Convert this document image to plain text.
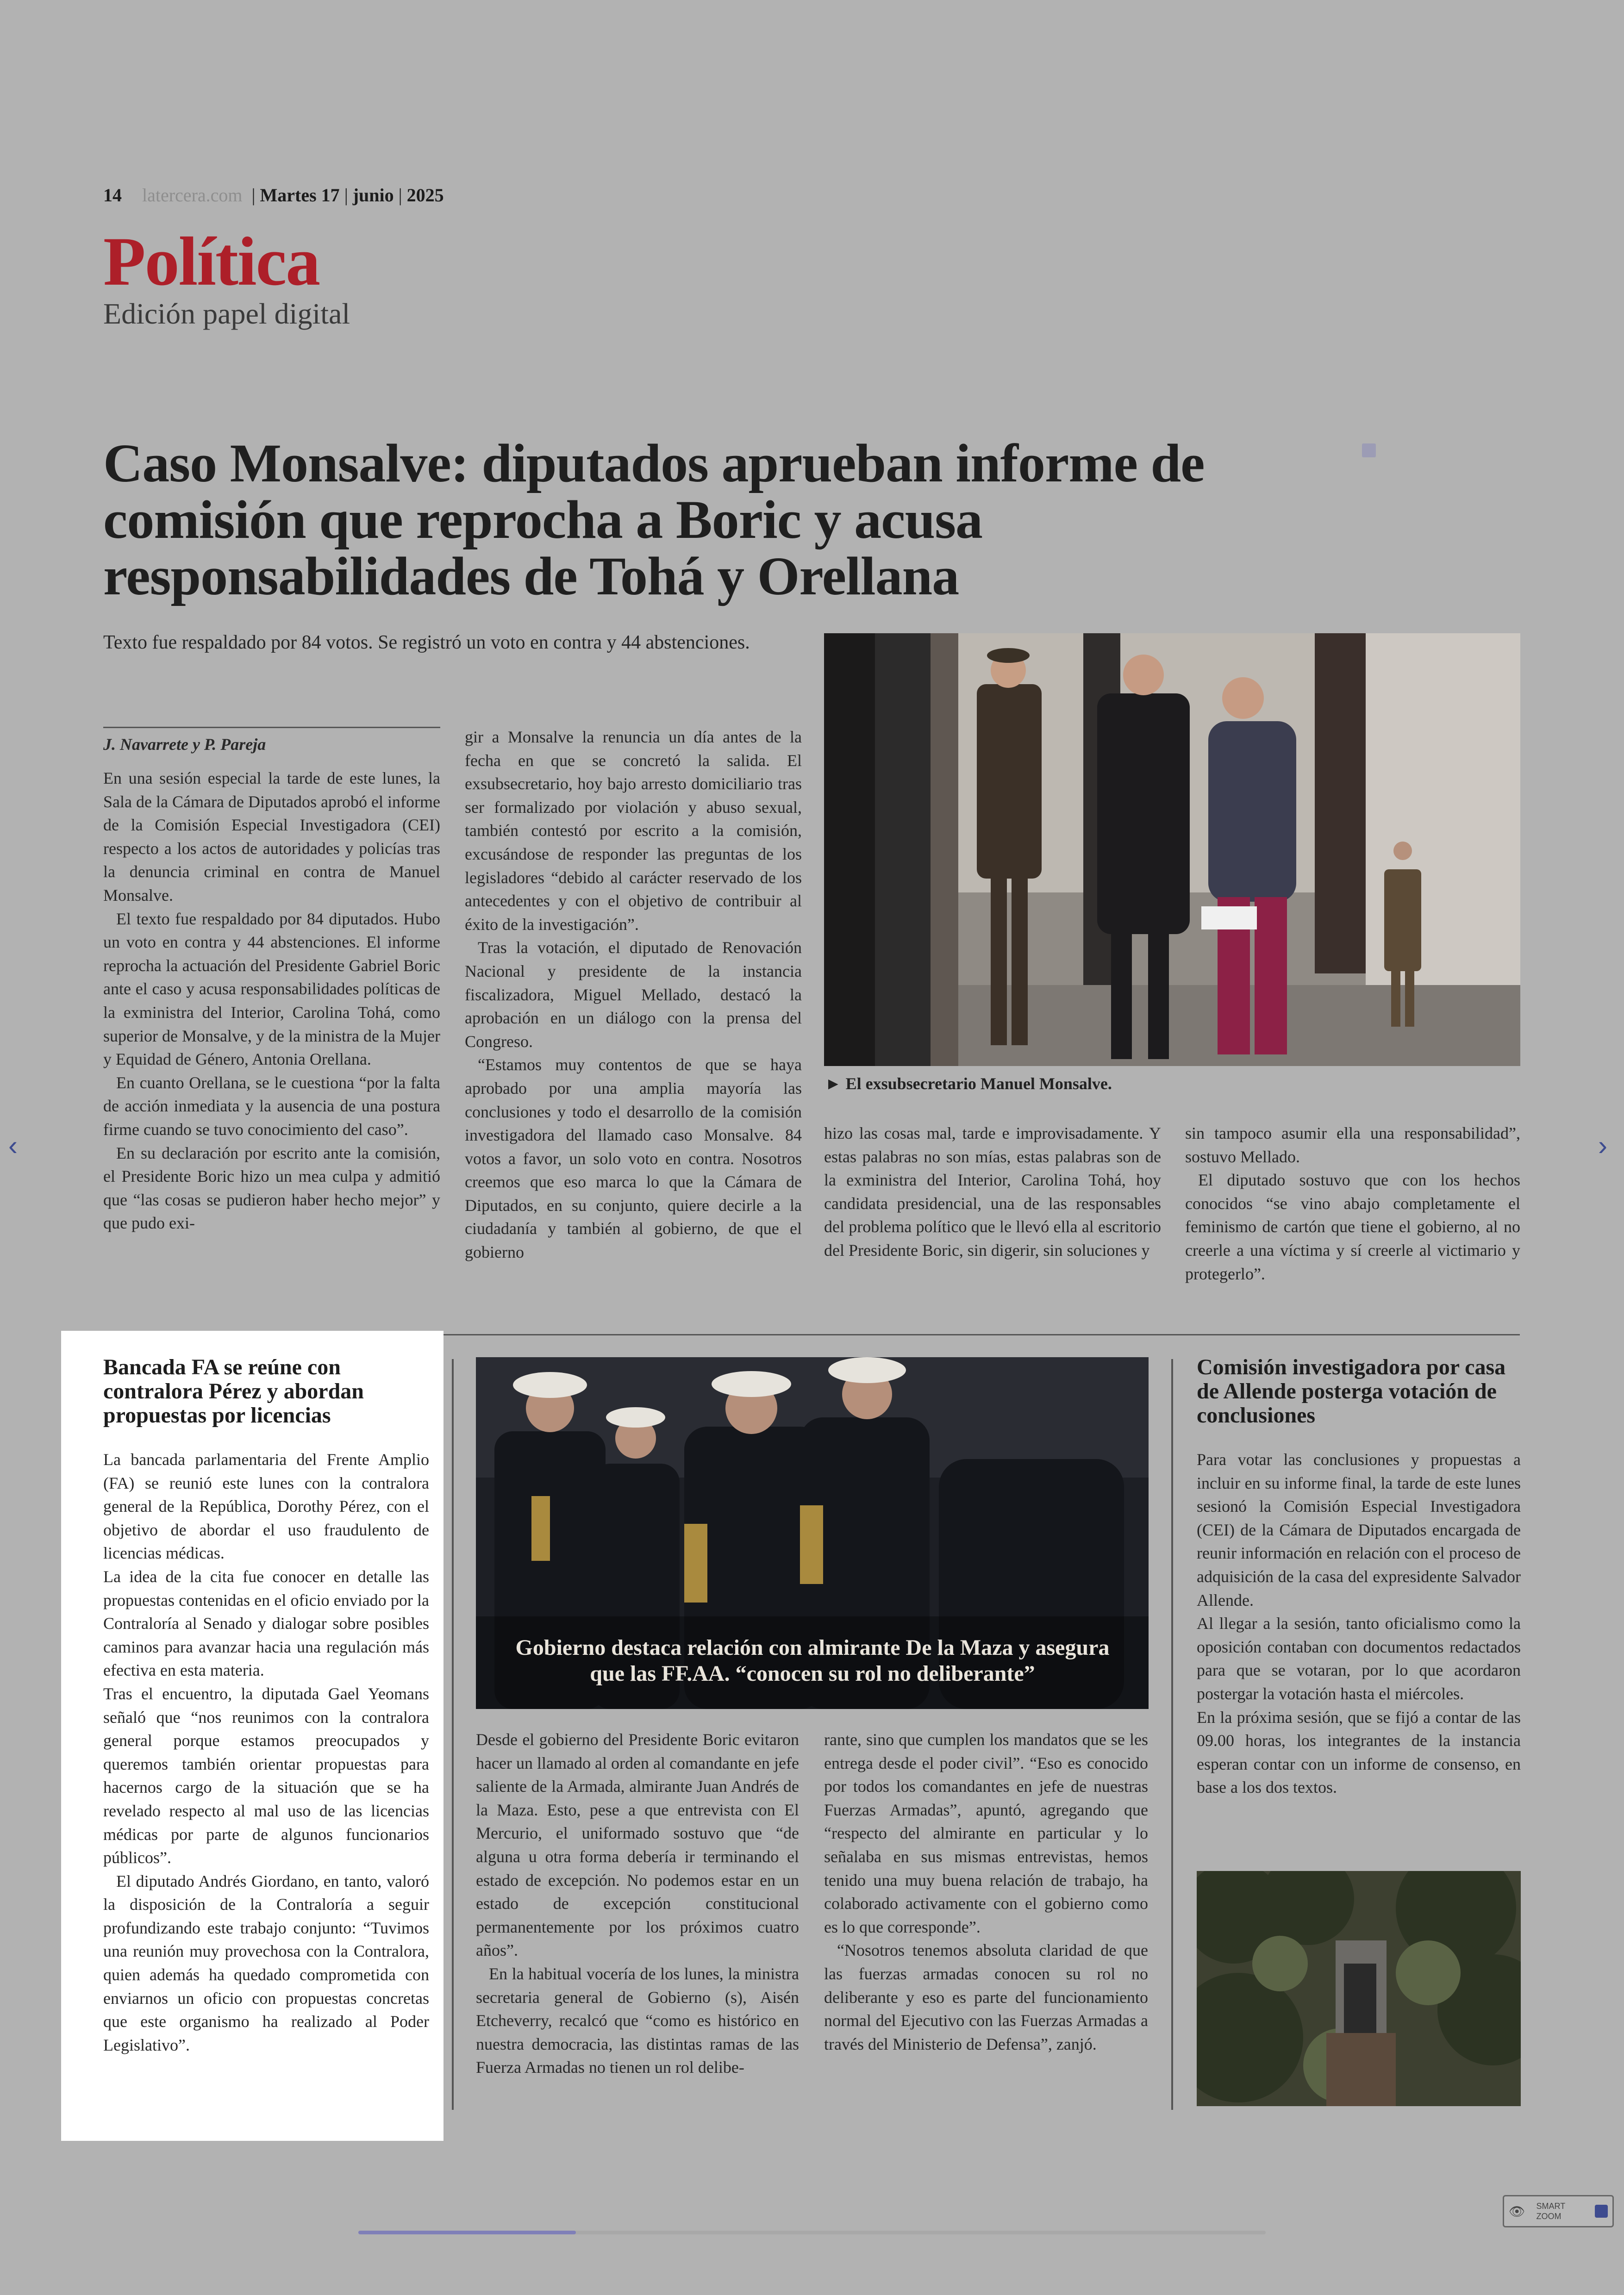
14 latercera.com | Martes 17 | junio | 2025
Política
Edición papel digital
Caso Monsalve: diputados aprueban informe de comisión que reprocha a Boric y acusa responsabilidades de Tohá y Orellana
Texto fue respaldado por 84 votos. Se registró un voto en contra y 44 abstenciones.
J. Navarrete y P. Pareja

En una sesión especial la tarde de este lunes, la Sala de la Cámara de Diputados aprobó el informe de la Comisión Especial Investigadora (CEI) respecto a los actos de autoridades y policías tras la denuncia criminal en contra de Manuel Monsalve.

El texto fue respaldado por 84 diputados. Hubo un voto en contra y 44 abstenciones. El informe reprocha la actuación del Presidente Gabriel Boric ante el caso y acusa responsabilidades políticas de la exministra del Interior, Carolina Tohá, como superior de Monsalve, y de la ministra de la Mujer y Equidad de Género, Antonia Orellana.

En cuanto Orellana, se le cuestiona “por la falta de acción inmediata y la ausencia de una postura firme cuando se tuvo conocimiento del caso”.

En su declaración por escrito ante la comisión, el Presidente Boric hizo un mea culpa y admitió que “las cosas se pudieron haber hecho mejor” y que pudo exi-

gir a Monsalve la renuncia un día antes de la fecha en que se concretó la salida. El exsubsecretario, hoy bajo arresto domiciliario tras ser formalizado por violación y abuso sexual, también contestó por escrito a la comisión, excusándose de responder las preguntas de los legisladores “debido al carácter reservado de los antecedentes y con el objetivo de contribuir al éxito de la investigación”.

Tras la votación, el diputado de Renovación Nacional y presidente de la instancia fiscalizadora, Miguel Mellado, destacó la aprobación en un diálogo con la prensa del Congreso.

“Estamos muy contentos de que se haya aprobado por una amplia mayoría las conclusiones y todo el desarrollo de la comisión investigadora del llamado caso Monsalve. 84 votos a favor, un solo voto en contra. Nosotros creemos que eso marca lo que la Cámara de Diputados, en su conjunto, quiere decirle a la ciudadanía y también al gobierno, de que el gobierno

► El exsubsecretario Manuel Monsalve.

hizo las cosas mal, tarde e improvisadamente. Y estas palabras no son mías, estas palabras son de la exministra del Interior, Carolina Tohá, hoy candidata presidencial, una de las responsables del problema político que le llevó ella al escritorio del Presidente Boric, sin digerir, sin soluciones y

sin tampoco asumir ella una responsabilidad”, sostuvo Mellado.

El diputado sostuvo que con los hechos conocidos “se vino abajo completamente el feminismo de cartón que tiene el gobierno, al no creerle a una víctima y sí creerle al victimario y protegerlo”.

Bancada FA se reúne con contralora Pérez y abordan propuestas por licencias

La bancada parlamentaria del Frente Amplio (FA) se reunió este lunes con la contralora general de la República, Dorothy Pérez, con el objetivo de abordar el uso fraudulento de licencias médicas.

La idea de la cita fue conocer en detalle las propuestas contenidas en el oficio enviado por la Contraloría al Senado y dialogar sobre posibles caminos para avanzar hacia una regulación más efectiva en esta materia.

Tras el encuentro, la diputada Gael Yeomans señaló que “nos reunimos con la contralora general porque estamos preocupados y queremos también orientar propuestas para hacernos cargo de la situación que se ha revelado respecto al mal uso de las licencias médicas por parte de algunos funcionarios públicos”.

El diputado Andrés Giordano, en tanto, valoró la disposición de la Contraloría a seguir profundizando este trabajo conjunto: “Tuvimos una reunión muy provechosa con la Contralora, quien además ha quedado comprometida con enviarnos un oficio con propuestas concretas que este organismo ha realizado al Poder Legislativo”.

Gobierno destaca relación con almirante De la Maza y asegura que las FF.AA. “conocen su rol no deliberante”

Desde el gobierno del Presidente Boric evitaron hacer un llamado al orden al comandante en jefe saliente de la Armada, almirante Juan Andrés de la Maza. Esto, pese a que entrevista con El Mercurio, el uniformado sostuvo que “de alguna u otra forma debería ir terminando el estado de excepción. No podemos estar en un estado de excepción constitucional permanentemente por los próximos cuatro años”.

En la habitual vocería de los lunes, la ministra secretaria general de Gobierno (s), Aisén Etcheverry, recalcó que “como es histórico en nuestra democracia, las distintas ramas de las Fuerza Armadas no tienen un rol delibe-

rante, sino que cumplen los mandatos que se les entrega desde el poder civil”. “Eso es conocido por todos los comandantes en jefe de nuestras Fuerzas Armadas”, apuntó, agregando que “respecto del almirante en particular y lo señalaba en sus mismas entrevistas, hemos tenido una muy buena relación de trabajo, ha colaborado activamente con el gobierno como es lo que corresponde”.

“Nosotros tenemos absoluta claridad de que las fuerzas armadas conocen su rol no deliberante y eso es parte del funcionamiento normal del Ejecutivo con las Fuerzas Armadas a través del Ministerio de Defensa”, zanjó.

Comisión investigadora por casa de Allende posterga votación de conclusiones

Para votar las conclusiones y propuestas a incluir en su informe final, la tarde de este lunes sesionó la Comisión Especial Investigadora (CEI) de la Cámara de Diputados encargada de reunir información en relación con el proceso de adquisición de la casa del expresidente Salvador Allende.

Al llegar a la sesión, tanto oficialismo como la oposición contaban con documentos redactados para que se votaran, por lo que acordaron postergar la votación hasta el miércoles.

En la próxima sesión, que se fijó a contar de las 09.00 horas, los integrantes de la instancia esperan contar con un informe de consenso, en base a los dos textos.

‹	›
👁 SMART
ZOOM
